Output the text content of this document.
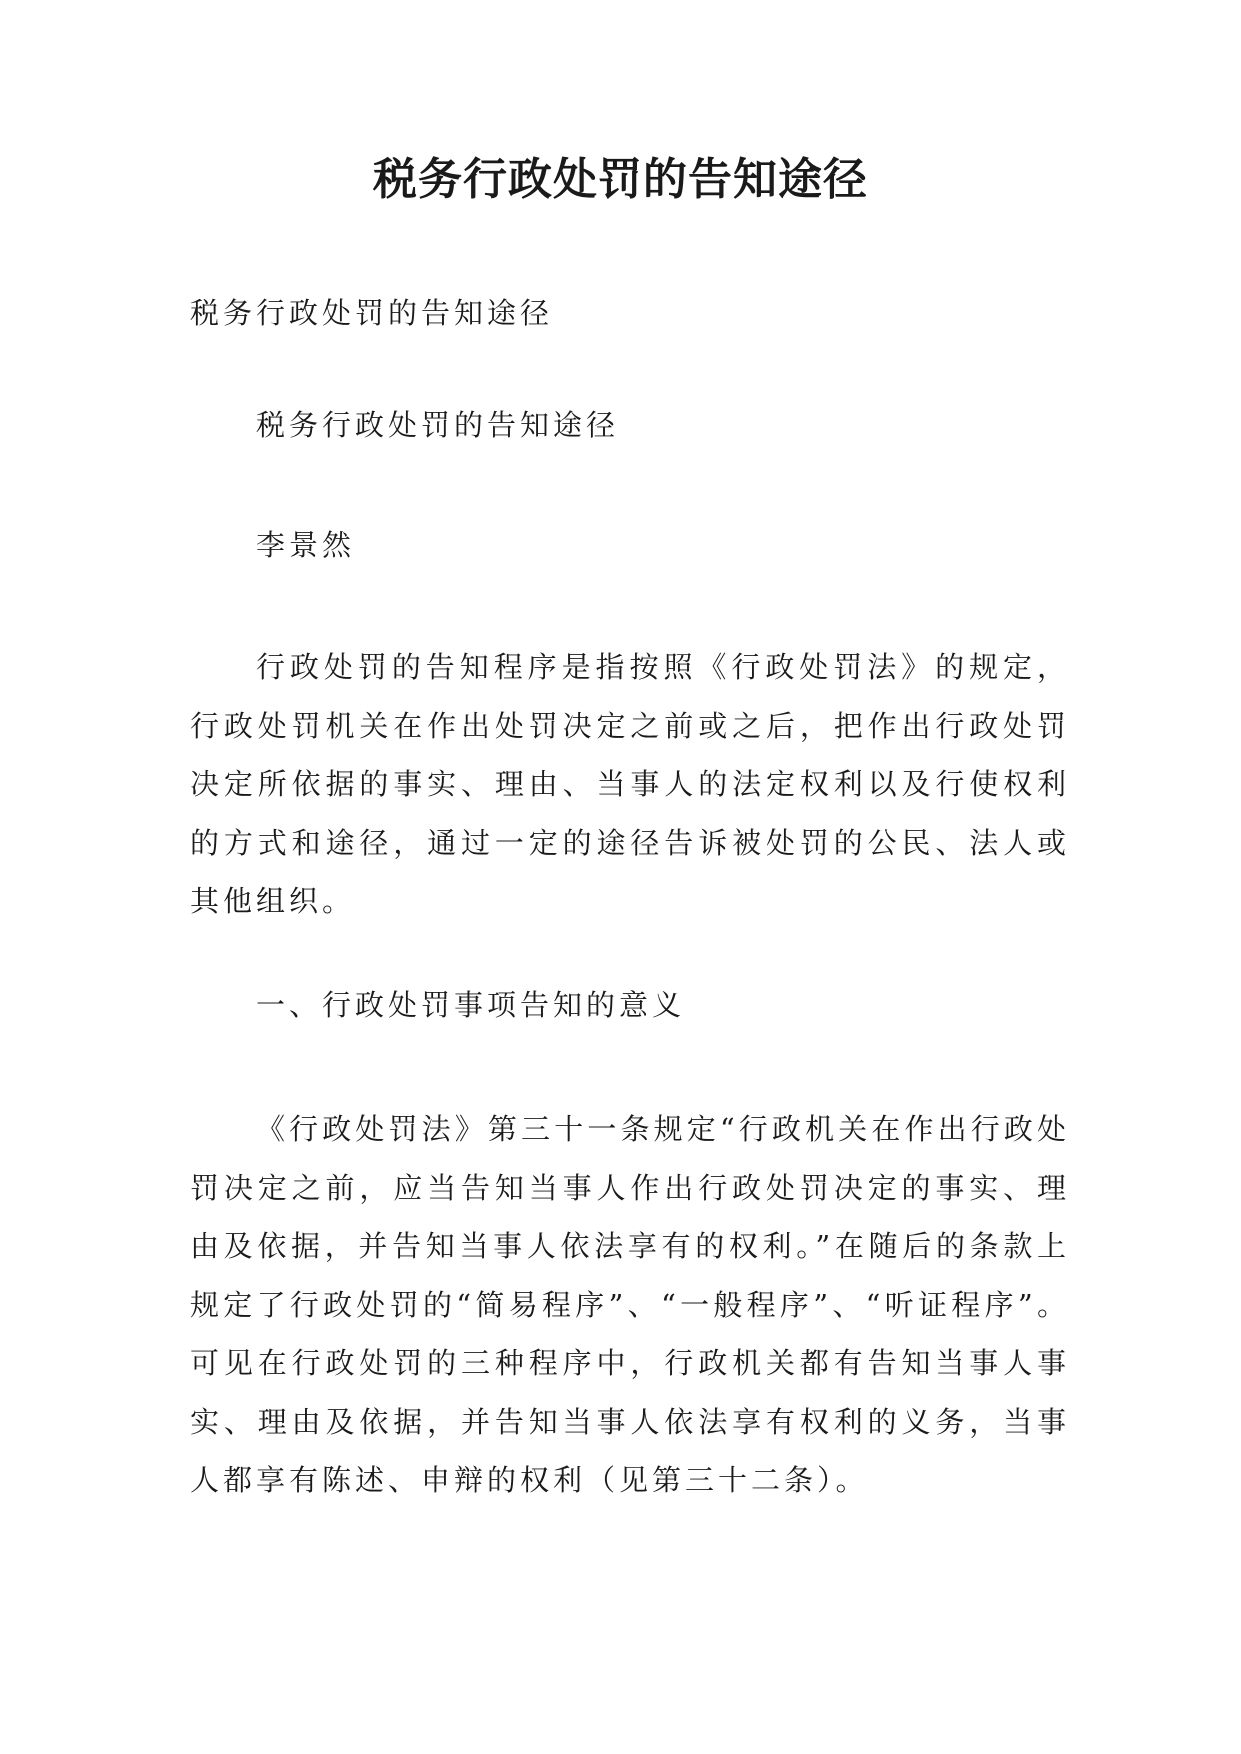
税务行政处罚的告知途径

税务行政处罚的告知途径

税务行政处罚的告知途径

李景然

行政处罚的告知程序是指按照《行政处罚法》的规定，行政处罚机关在作出处罚决定之前或之后，把作出行政处罚决定所依据的事实、理由、当事人的法定权利以及行使权利的方式和途径，通过一定的途径告诉被处罚的公民、法人或其他组织。

一、行政处罚事项告知的意义

《行政处罚法》第三十一条规定“行政机关在作出行政处罚决定之前，应当告知当事人作出行政处罚决定的事实、理由及依据，并告知当事人依法享有的权利。”在随后的条款上规定了行政处罚的“简易程序”、“一般程序”、“听证程序”。可见在行政处罚的三种程序中，行政机关都有告知当事人事实、理由及依据，并告知当事人依法享有权利的义务，当事人都享有陈述、申辩的权利（见第三十二条）。
